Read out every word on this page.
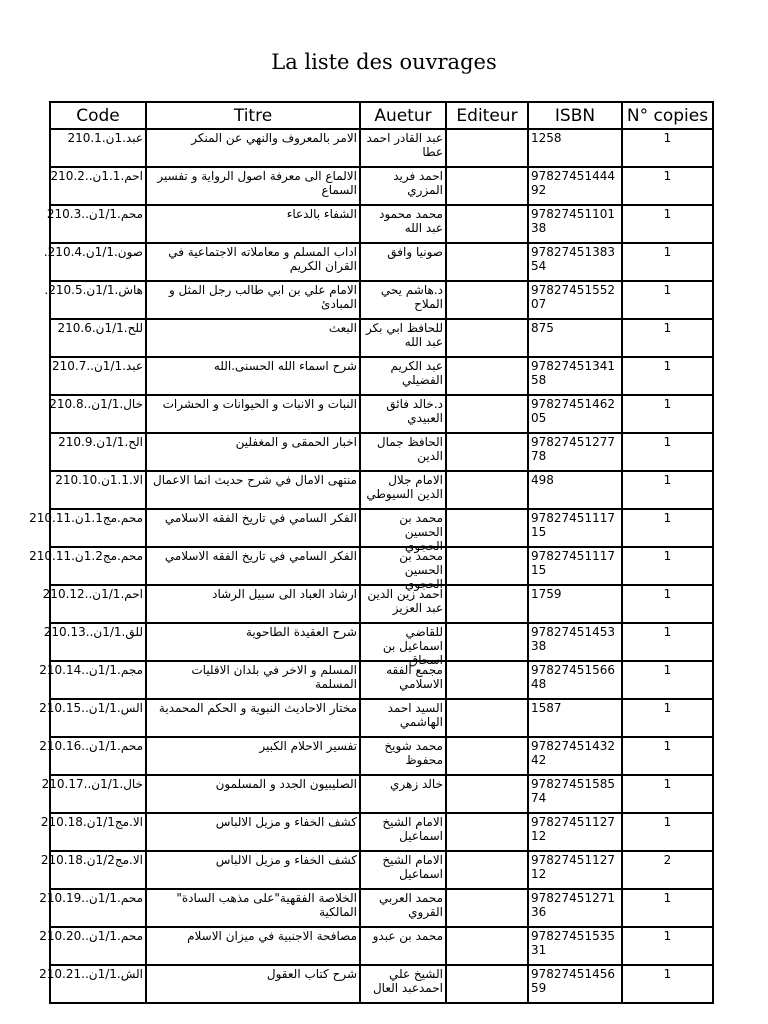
La liste des ouvrages
Code	Titre	Auetur	Editeur	ISBN	N° copies

عبد.1ن.210.1	الامر بالمعروف والنهي عن المنكر	عبد القادر احمد عطا		1258	1

احم.1.1ن..210.2	الالماع الى معرفة اصول الرواية و تفسير السماع	احمد فريد المزري		9782745144492	1

محم.1/1ن..210.3	الشفاء بالدعاء	محمد محمود عبد الله		9782745110138	1

صون.1/1ن.210.4.	اداب المسلم و معاملاته الاجتماعية في القران الكريم	صونيا وافق		9782745138354	1

هاش.1/1ن.210.5.	الامام علي بن ابي طالب رجل المثل و المبادئ	د.هاشم يحي الملاح		9782745155207	1

للح.1/1ن.210.6	البعث	للحافظ ابي بكر عبد الله		875	1

عبد.1/1ن..210.7	شرح اسماء الله الحسنى.الله	عبد الكريم الفضيلي		9782745134158	1

خال.1/1ن..210.8	النبات و الانبات و الحيوانات و الحشرات	د.خالد فائق العبيدي		9782745146205	1

الح.1/1ن.210.9	اخبار الحمقى و المغفلين	الحافظ جمال الدين		9782745127778	1

الا.1.1ن.210.10	منتهى الامال في شرح حديث انما الاعمال	الامام جلال الدين السيوطي		498	1

محم.مج1.1ن.210.11	الفكر السامي في تاريخ الفقه الاسلامي	محمد بن الحسين الحجوي		9782745111715	1

محم.مج1.2ن.210.11	الفكر السامي في تاريخ الفقه الاسلامي	محمد بن الحسين الحجوي		9782745111715	1

احم.1/1ن..210.12	ارشاد العباد الى سبيل الرشاد	احمد زين الدين عبد العزيز		1759	1

للق.1/1ن..210.13	شرح العقيدة الطاحوية	للقاضي اسماعيل بن اسحاق		9782745145338	1

مجم.1/1ن..210.14	المسلم و الاخر في بلدان الاقليات المسلمة	مجمع الفقه الاسلامي		9782745156648	1

الس.1/1ن..210.15	مختار الاحاديث النبوية و الحكم المحمدية	السيد احمد الهاشمي		1587	1

محم.1/1ن..210.16	تفسير الاحلام الكبير	محمد شويخ محفوظ		9782745143242	1

خال.1/1ن..210.17	الصليبيون الجدد و المسلمون	خالد زهري		9782745158574	1

الا.مج1/1ن.210.18	كشف الخفاء و مزيل الالباس	الامام الشيخ اسماعيل		9782745112712	1

الا.مج1/2ن.210.18	كشف الخفاء و مزيل الالباس	الامام الشيخ اسماعيل		9782745112712	2

محم.1/1ن..210.19	الخلاصة الفقهية"على مذهب السادة" المالكية	محمد العربي القروي		9782745127136	1

محم.1/1ن..210.20	مصافحة الاجنبية في ميزان الاسلام	محمد بن عبدو		9782745153531	1

الش.1/1ن..210.21	شرح كتاب العقول	الشيخ علي احمدعبد العال		9782745145659	1
